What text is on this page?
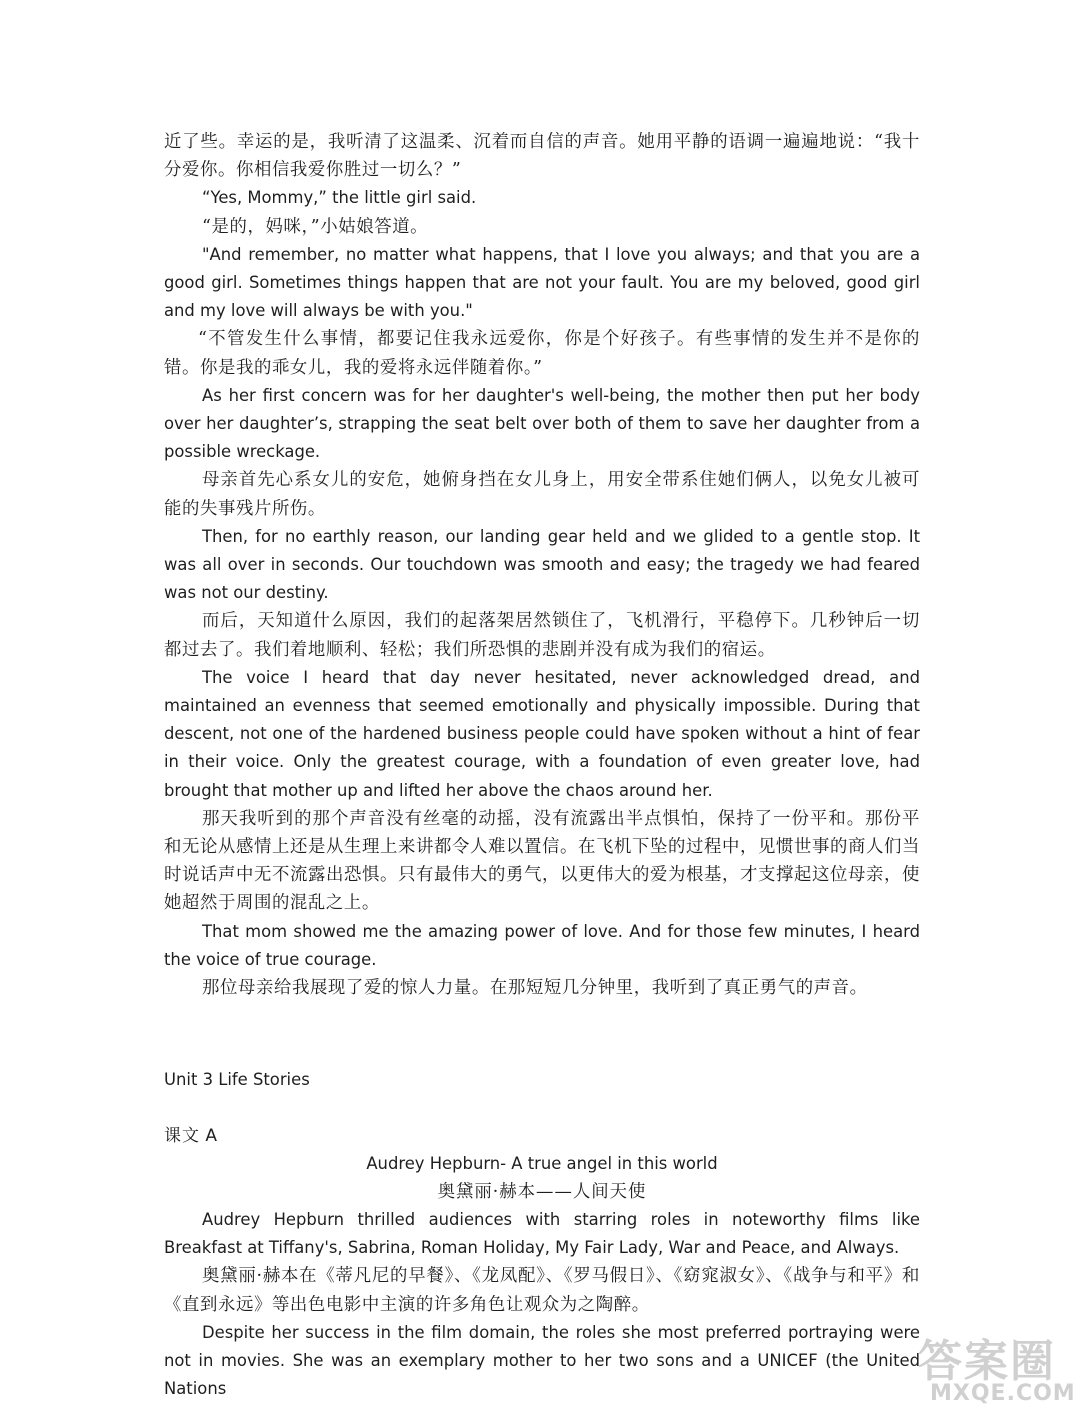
近了些。幸运的是，我听清了这温柔、沉着而自信的声音。她用平静的语调一遍遍地说：“我十分爱你。你相信我爱你胜过一切么？”

“Yes, Mommy,” the little girl said.

“是的，妈咪，”小姑娘答道。

"And remember, no matter what happens, that I love you always; and that you are a good girl. Sometimes things happen that are not your fault. You are my beloved, good girl and my love will always be with you."

“不管发生什么事情，都要记住我永远爱你，你是个好孩子。有些事情的发生并不是你的错。你是我的乖女儿，我的爱将永远伴随着你。”

As her first concern was for her daughter's well-being, the mother then put her body over her daughter’s, strapping the seat belt over both of them to save her daughter from a possible wreckage.

母亲首先心系女儿的安危，她俯身挡在女儿身上，用安全带系住她们俩人，以免女儿被可能的失事残片所伤。

Then, for no earthly reason, our landing gear held and we glided to a gentle stop. It was all over in seconds. Our touchdown was smooth and easy; the tragedy we had feared was not our destiny.

而后，天知道什么原因，我们的起落架居然锁住了，飞机滑行，平稳停下。几秒钟后一切都过去了。我们着地顺利、轻松；我们所恐惧的悲剧并没有成为我们的宿运。

The voice I heard that day never hesitated, never acknowledged dread, and maintained an evenness that seemed emotionally and physically impossible. During that descent, not one of the hardened business people could have spoken without a hint of fear in their voice. Only the greatest courage, with a foundation of even greater love, had brought that mother up and lifted her above the chaos around her.

那天我听到的那个声音没有丝毫的动摇，没有流露出半点惧怕，保持了一份平和。那份平和无论从感情上还是从生理上来讲都令人难以置信。在飞机下坠的过程中，见惯世事的商人们当时说话声中无不流露出恐惧。只有最伟大的勇气，以更伟大的爱为根基，才支撑起这位母亲，使她超然于周围的混乱之上。

That mom showed me the amazing power of love. And for those few minutes, I heard the voice of true courage.

那位母亲给我展现了爱的惊人力量。在那短短几分钟里，我听到了真正勇气的声音。

Unit 3 Life Stories
课文 A

Audrey Hepburn- A true angel in this world

奥黛丽·赫本——人间天使

Audrey Hepburn thrilled audiences with starring roles in noteworthy films like Breakfast at Tiffany's, Sabrina, Roman Holiday, My Fair Lady, War and Peace, and Always.

奥黛丽·赫本在《蒂凡尼的早餐》、《龙凤配》、《罗马假日》、《窈窕淑女》、《战争与和平》和《直到永远》等出色电影中主演的许多角色让观众为之陶醉。

Despite her success in the film domain, the roles she most preferred portraying were not in movies. She was an exemplary mother to her two sons and a UNICEF (the United Nations

答案圈
MXQE.COM
